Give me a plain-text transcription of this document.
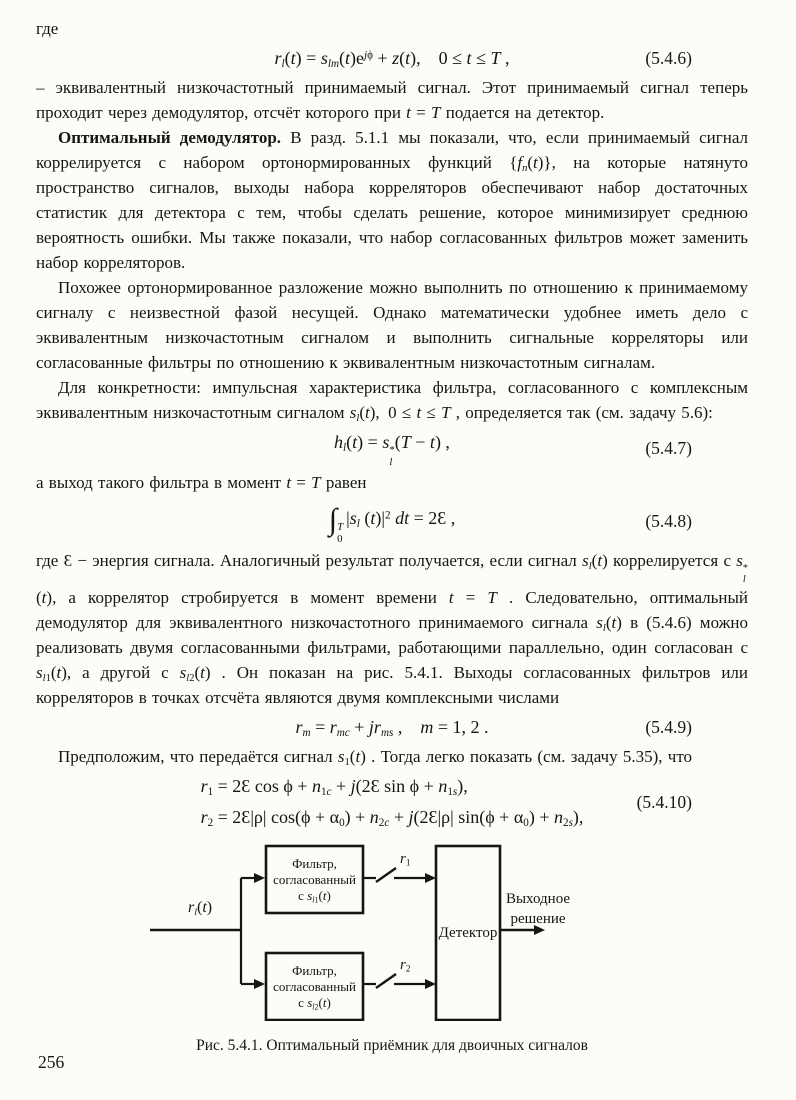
где

$r_l(t) = s_{lm}(t)e^{j\phi} + z(t)$, 0 ≤ t ≤ T ,	(5.4.6)

– эквивалентный низкочастотный принимаемый сигнал. Этот принимаемый сигнал теперь проходит через демодулятор, отсчёт которого при t = T подается на детектор.

Оптимальный демодулятор. В разд. 5.1.1 мы показали, что, если принимаемый сигнал коррелируется с набором ортонормированных функций $\{f_n(t)\}$, на которые натянуто пространство сигналов, выходы набора корреляторов обеспечивают набор достаточных статистик для детектора с тем, чтобы сделать решение, которое минимизирует среднюю вероятность ошибки. Мы также показали, что набор согласованных фильтров может заменить набор корреляторов.

Похожее ортонормированное разложение можно выполнить по отношению к принимаемому сигналу с неизвестной фазой несущей. Однако математически удобнее иметь дело с эквивалентным низкочастотным сигналом и выполнить сигнальные корреляторы или согласованные фильтры по отношению к эквивалентным низкочастотным сигналам.

Для конкретности: импульсная характеристика фильтра, согласованного с комплексным эквивалентным низкочастотным сигналом $s_l(t)$, 0 ≤ t ≤ T , определяется так (см. задачу 5.6):

$h_l(t) = s$ *
l
(T − t) ,	(5.4.7)

а выход такого фильтра в момент t = T равен

∫ T
0
$|s_l$ $(t)|^2$ dt = 2Ɛ ,	(5.4.8)

где Ɛ − энергия сигнала. Аналогичный результат получается, если сигнал $s_l(t)$ коррелируется с s *
l
(t), а коррелятор стробируется в момент времени t = T . Следовательно, оптимальный демодулятор для эквивалентного низкочастотного принимаемого сигнала $s_l(t)$ в (5.4.6) можно реализовать двумя согласованными фильтрами, работающими параллельно, один согласован с $s_{l1}(t)$, а другой с $s_{l2}(t)$ . Он показан на рис. 5.4.1. Выходы согласованных фильтров или корреляторов в точках отсчёта являются двумя комплексными числами

$r_m = r_{mc} + jr_{ms}$ , m = 1, 2 .	(5.4.9)

Предположим, что передаётся сигнал $s_1(t)$ . Тогда легко показать (см. задачу 5.35), что

$r_1$ = 2Ɛ $\cos \phi + n_{1c}$ + j(2Ɛ $\sin \phi + n_{1s}$),
$r_2$ = 2Ɛ|ρ| $\cos(\phi + \alpha_0) + n_{2c}$ + j(2Ɛ|ρ| $\sin(\phi + \alpha_0) + n_{2s}$),
(5.4.10)
$r_l(t)$
Фильтр,
согласованный
с $s_{l1}(t)$
Фильтр,
согласованный
с $s_{l2}(t)$
Детектор
$r_1$
$r_2$
Выходное
решение
Рис. 5.4.1. Оптимальный приёмник для двоичных сигналов
256
